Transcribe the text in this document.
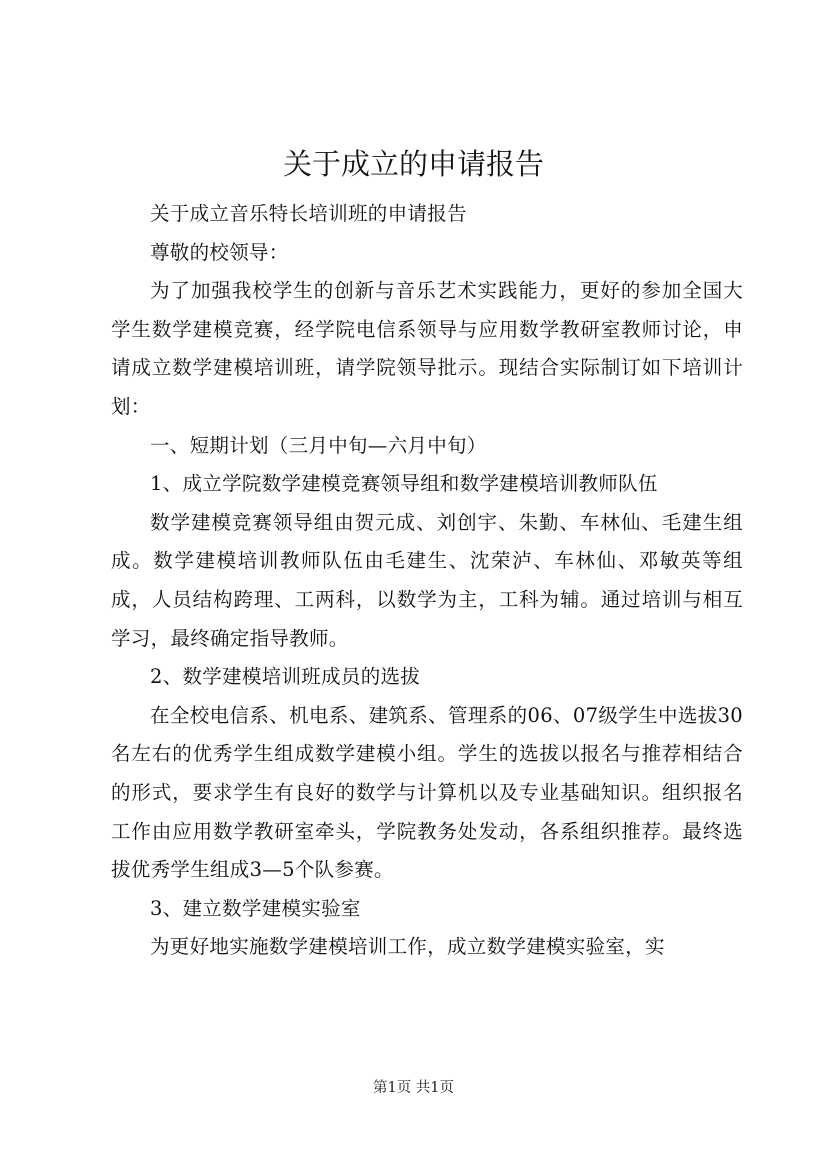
关于成立的申请报告

关于成立音乐特长培训班的申请报告

尊敬的校领导：

为了加强我校学生的创新与音乐艺术实践能力，更好的参加全国大学生数学建模竞赛，经学院电信系领导与应用数学教研室教师讨论，申请成立数学建模培训班，请学院领导批示。现结合实际制订如下培训计划：

一、短期计划（三月中旬—六月中旬）

1、成立学院数学建模竞赛领导组和数学建模培训教师队伍

数学建模竞赛领导组由贺元成、刘创宇、朱勤、车林仙、毛建生组成。数学建模培训教师队伍由毛建生、沈荣泸、车林仙、邓敏英等组成，人员结构跨理、工两科，以数学为主，工科为辅。通过培训与相互学习，最终确定指导教师。

2、数学建模培训班成员的选拔

在全校电信系、机电系、建筑系、管理系的06、07级学生中选拔30名左右的优秀学生组成数学建模小组。学生的选拔以报名与推荐相结合的形式，要求学生有良好的数学与计算机以及专业基础知识。组织报名工作由应用数学教研室牵头，学院教务处发动，各系组织推荐。最终选拔优秀学生组成3—5个队参赛。

3、建立数学建模实验室

为更好地实施数学建模培训工作，成立数学建模实验室，实

第1页 共1页
